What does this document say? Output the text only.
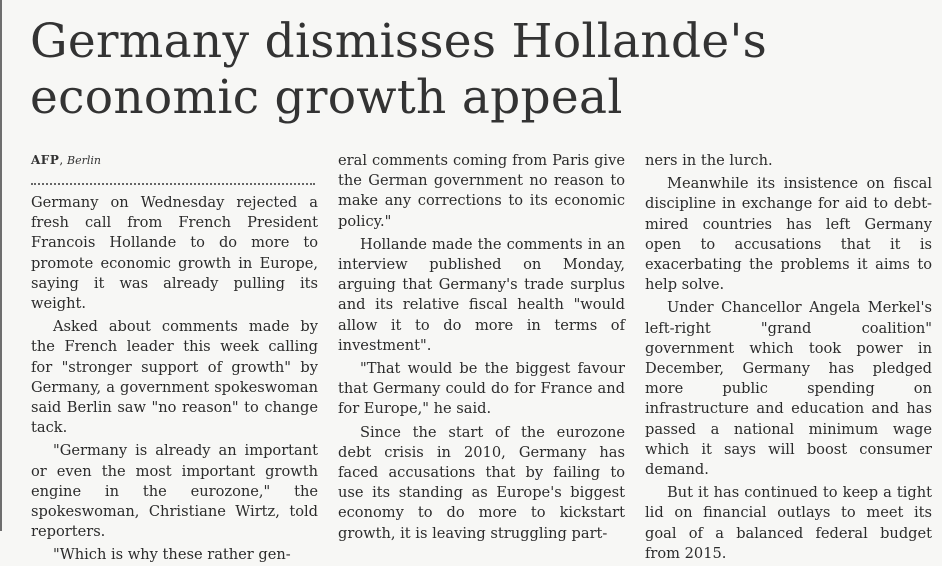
Germany dismisses Hollande's economic growth appeal
AFP, Berlin

Germany on Wednesday rejected a fresh call from French President Francois Hollande to do more to promote economic growth in Europe, saying it was already pulling its weight.

Asked about comments made by the French leader this week calling for "stronger support of growth" by Germany, a government spokeswoman said Berlin saw "no reason" to change tack.

"Germany is already an important or even the most important growth engine in the eurozone," the spokeswoman, Christiane Wirtz, told reporters.

"Which is why these rather gen-

eral comments coming from Paris give the German government no reason to make any corrections to its economic policy."

Hollande made the comments in an interview published on Monday, arguing that Germany's trade surplus and its relative fiscal health "would allow it to do more in terms of investment".

"That would be the biggest favour that Germany could do for France and for Europe," he said.

Since the start of the eurozone debt crisis in 2010, Germany has faced accusations that by failing to use its standing as Europe's biggest economy to do more to kickstart growth, it is leaving struggling part-

ners in the lurch.

Meanwhile its insistence on fiscal discipline in exchange for aid to debt-mired countries has left Germany open to accusations that it is exacerbating the problems it aims to help solve.

Under Chancellor Angela Merkel's left-right "grand coalition" government which took power in December, Germany has pledged more public spending on infrastructure and education and has passed a national minimum wage which it says will boost consumer demand.

But it has continued to keep a tight lid on financial outlays to meet its goal of a balanced federal budget from 2015.
